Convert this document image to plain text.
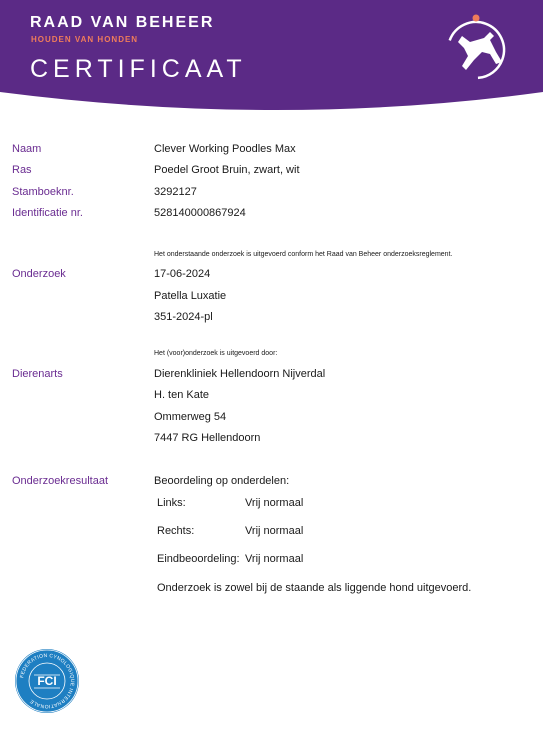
RAAD VAN BEHEER
HOUDEN VAN HONDEN
CERTIFICAAT
Naam	Clever Working Poodles Max
Ras	Poedel Groot Bruin, zwart, wit
Stamboeknr.	3292127
Identificatie nr.	528140000867924
Het onderstaande onderzoek is uitgevoerd conform het Raad van Beheer onderzoeksreglement.
Onderzoek	17-06-2024
Patella Luxatie
351-2024-pl
Het (voor)onderzoek is uitgevoerd door:
Dierenarts	Dierenkliniek Hellendoorn Nijverdal
H. ten Kate
Ommerweg 54
7447 RG Hellendoorn
Onderzoekresultaat	Beoordeling op onderdelen:
Links:	Vrij normaal
Rechts:	Vrij normaal
Eindbeoordeling: Vrij normaal
Onderzoek is zowel bij de staande als liggende hond uitgevoerd.
FEDERATION CYNOLOGIQUE INTERNATIONALE
FCI
